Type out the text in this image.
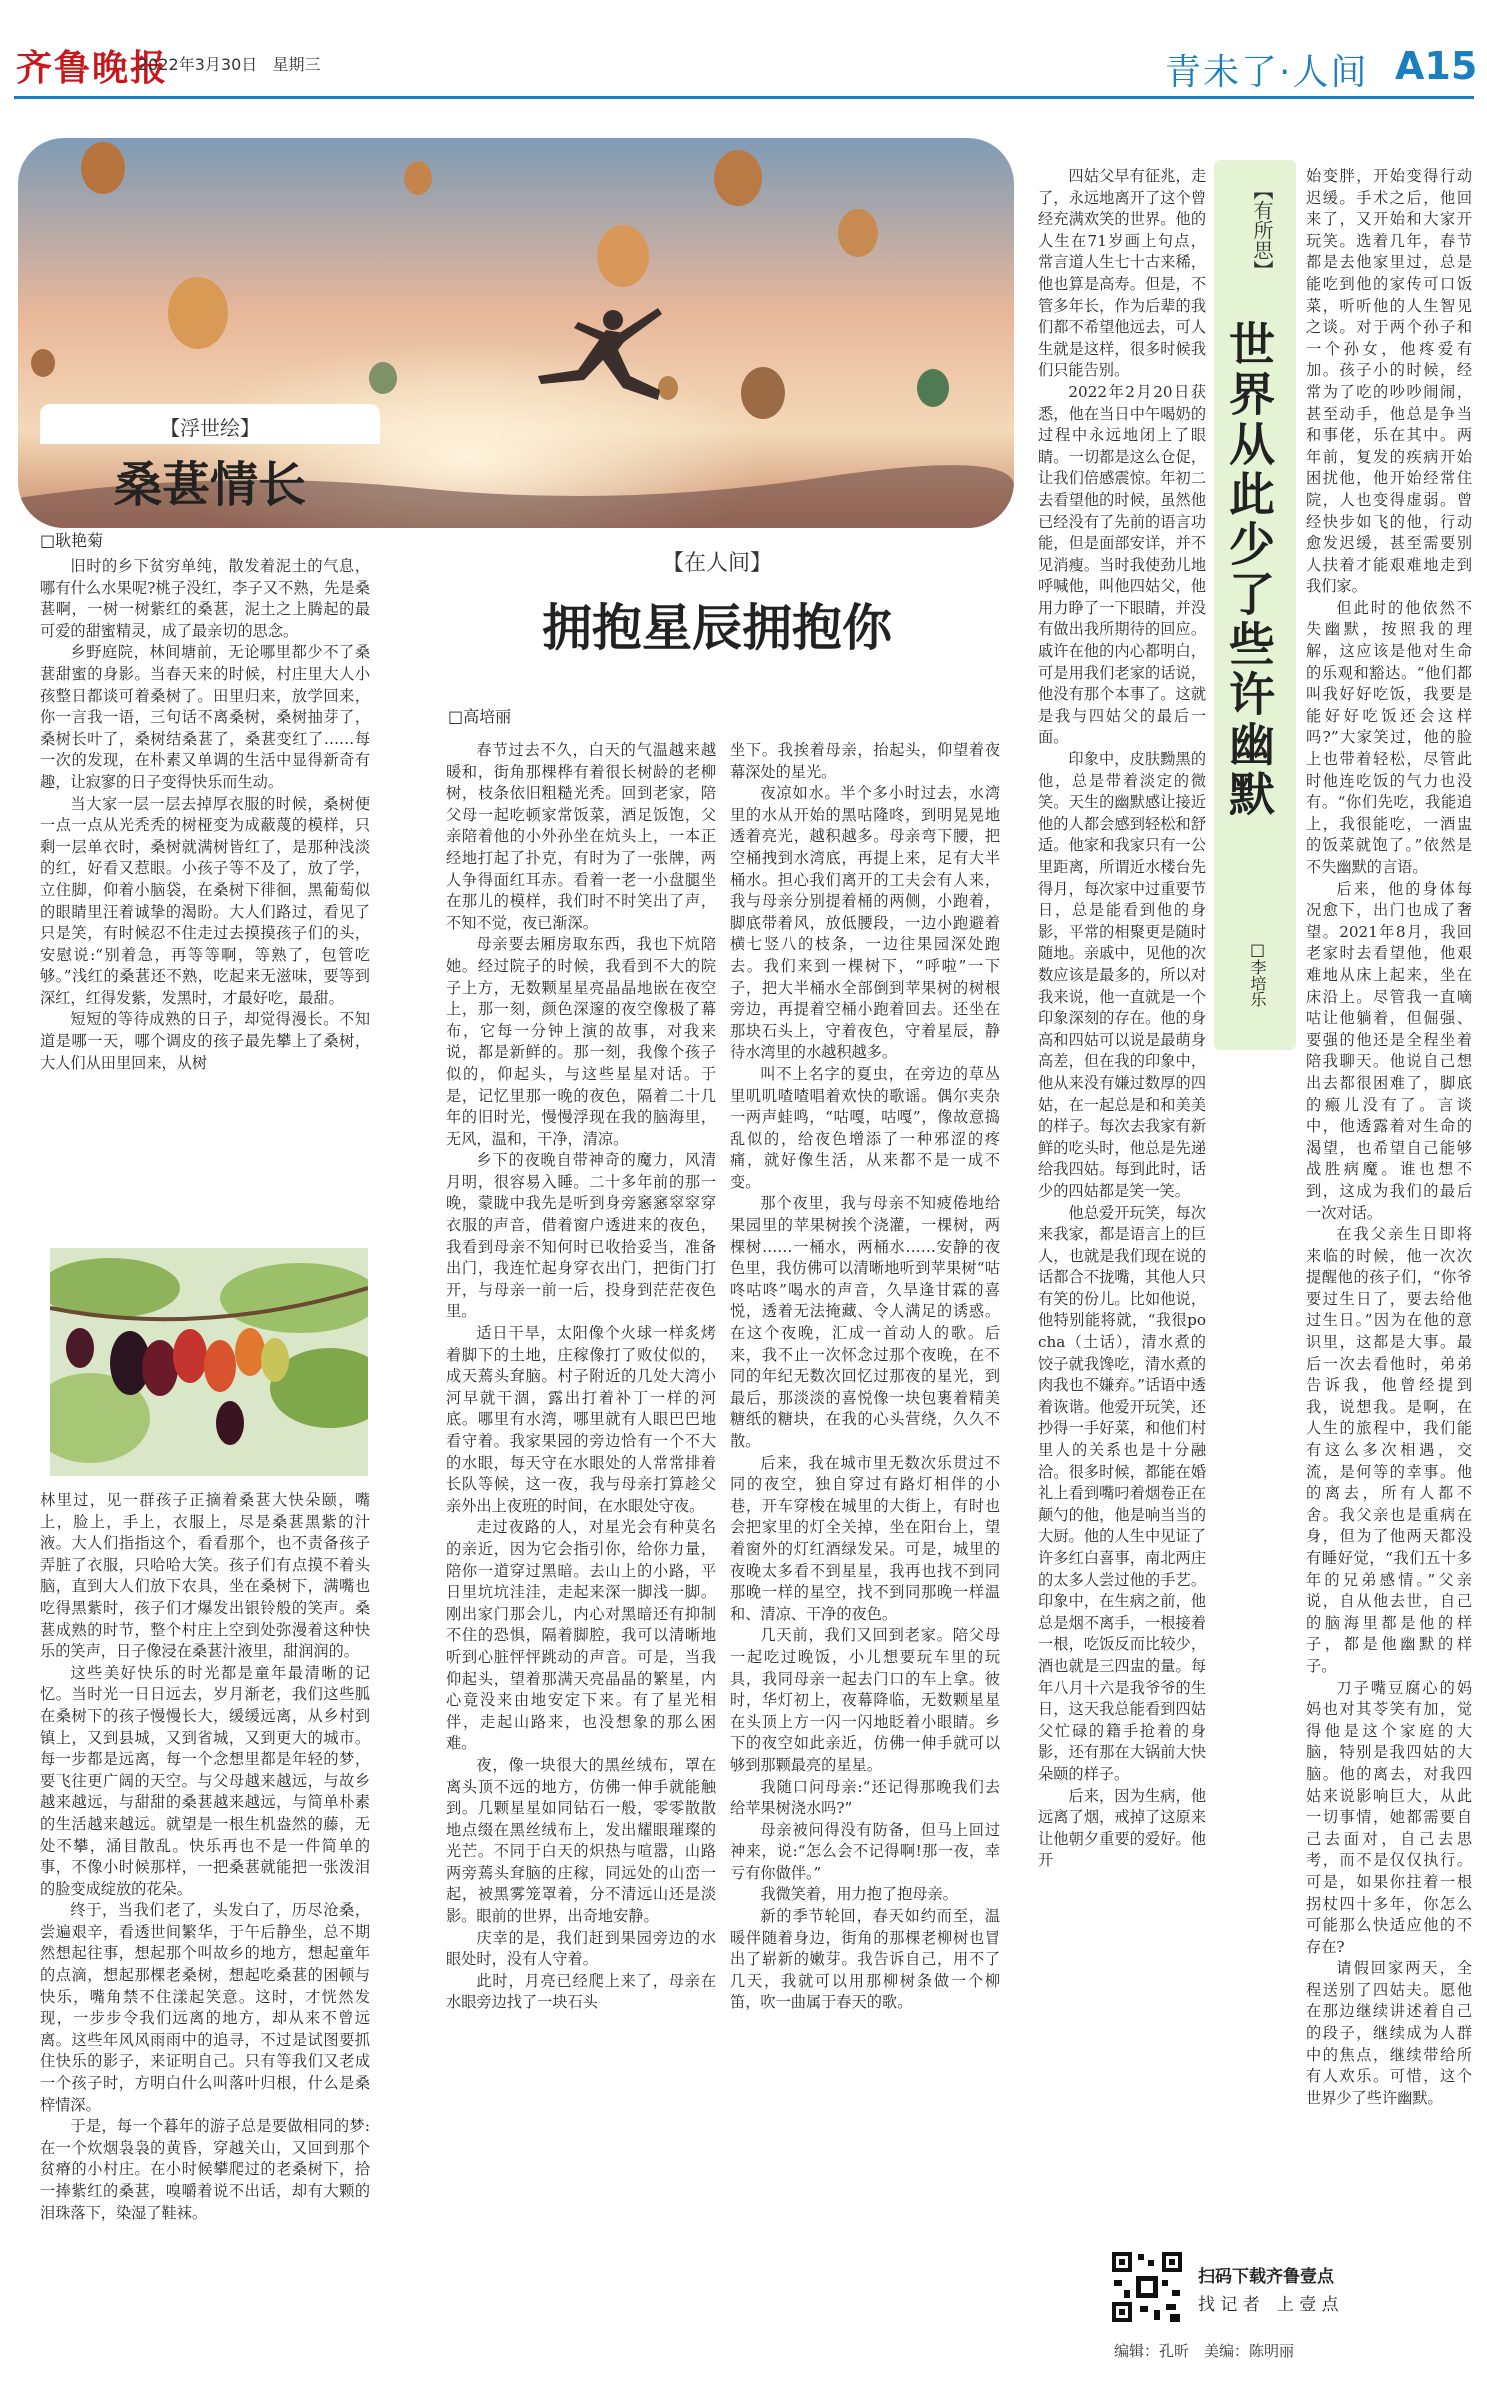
齐鲁晚报
2022年3月30日 星期三	青未了·人间 A15
【浮世绘】
桑葚情长
□耿艳菊

旧时的乡下贫穷单纯，散发着泥土的气息，哪有什么水果呢?桃子没红，李子又不熟，先是桑葚啊，一树一树紫红的桑葚，泥土之上腾起的最可爱的甜蜜精灵，成了最亲切的思念。

乡野庭院，林间塘前，无论哪里都少不了桑葚甜蜜的身影。当春天来的时候，村庄里大人小孩整日都谈可着桑树了。田里归来，放学回来，你一言我一语，三句话不离桑树，桑树抽芽了，桑树长叶了，桑树结桑葚了，桑葚变红了……每一次的发现，在朴素又单调的生活中显得新奇有趣，让寂寥的日子变得快乐而生动。

当大家一层一层去掉厚衣服的时候，桑树便一点一点从光秃秃的树桠变为成蔽蔑的模样，只剩一层单衣时，桑树就满树皆红了，是那种浅淡的红，好看又惹眼。小孩子等不及了，放了学，立住脚，仰着小脑袋，在桑树下徘徊，黑葡萄似的眼睛里汪着诚挚的渴盼。大人们路过，看见了只是笑，有时候忍不住走过去摸摸孩子们的头，安慰说:“别着急，再等等啊，等熟了，包管吃够。”浅红的桑葚还不熟，吃起来无滋味，要等到深红，红得发紫，发黑时，才最好吃，最甜。

短短的等待成熟的日子，却觉得漫长。不知道是哪一天，哪个调皮的孩子最先攀上了桑树，大人们从田里回来，从树

林里过，见一群孩子正摘着桑葚大快朵颐，嘴上，脸上，手上，衣服上，尽是桑葚黑紫的汁液。大人们指指这个，看看那个，也不责备孩子弄脏了衣服，只哈哈大笑。孩子们有点摸不着头脑，直到大人们放下农具，坐在桑树下，满嘴也吃得黑紫时，孩子们才爆发出银铃般的笑声。桑葚成熟的时节，整个村庄上空到处弥漫着这种快乐的笑声，日子像浸在桑葚汁液里，甜润润的。

这些美好快乐的时光都是童年最清晰的记忆。当时光一日日远去，岁月渐老，我们这些胍在桑树下的孩子慢慢长大，缓缓远离，从乡村到镇上，又到县城，又到省城，又到更大的城市。每一步都是远离，每一个念想里都是年轻的梦，要飞往更广阔的天空。与父母越来越远，与故乡越来越远，与甜甜的桑葚越来越远，与简单朴素的生活越来越远。就望是一根生机盎然的藤，无处不攀，涌目散乱。快乐再也不是一件简单的事，不像小时候那样，一把桑葚就能把一张泼泪的脸变成绽放的花朵。

终于，当我们老了，头发白了，历尽沧桑，尝遍艰辛，看透世间繁华，于午后静坐，总不期然想起往事，想起那个叫故乡的地方，想起童年的点滴，想起那棵老桑树，想起吃桑葚的困顿与快乐，嘴角禁不住漾起笑意。这时，才恍然发现，一步步令我们远离的地方，却从来不曾远离。这些年风风雨雨中的追寻，不过是试图要抓住快乐的影子，来证明自己。只有等我们又老成一个孩子时，方明白什么叫落叶归根，什么是桑梓情深。

于是，每一个暮年的游子总是要做相同的梦:在一个炊烟袅袅的黄昏，穿越关山，又回到那个贫瘠的小村庄。在小时候攀爬过的老桑树下，拾一捧紫红的桑葚，嗅嚼着说不出话，却有大颗的泪珠落下，染湿了鞋袜。

【在人间】
拥抱星辰拥抱你
□高培丽

春节过去不久，白天的气温越来越暖和，街角那棵桦有着很长树龄的老柳树，枝条依旧粗糙光秃。回到老家，陪父母一起吃顿家常饭菜，酒足饭饱，父亲陪着他的小外孙坐在炕头上，一本正经地打起了扑克，有时为了一张牌，两人争得面红耳赤。看着一老一小盘腿坐在那儿的模样，我们时不时笑出了声，不知不觉，夜已渐深。

母亲要去厢房取东西，我也下炕陪她。经过院子的时候，我看到不大的院子上方，无数颗星星亮晶晶地嵌在夜空上，那一刻，颜色深邃的夜空像极了幕布，它每一分钟上演的故事，对我来说，都是新鲜的。那一刻，我像个孩子似的，仰起头，与这些星星对话。于是，记忆里那一晚的夜色，隔着二十几年的旧时光，慢慢浮现在我的脑海里，无风，温和，干净，清凉。

乡下的夜晚自带神奇的魔力，风清月明，很容易入睡。二十多年前的那一晚，蒙眬中我先是听到身旁窸窸窣窣穿衣服的声音，借着窗户透进来的夜色，我看到母亲不知何时已收拾妥当，准备出门，我连忙起身穿衣出门，把街门打开，与母亲一前一后，投身到茫茫夜色里。

适日干旱，太阳像个火球一样炙烤着脚下的土地，庄稼像打了败仗似的，成天蔫头耷脑。村子附近的几处大湾小河早就干涸，露出打着补丁一样的河底。哪里有水湾，哪里就有人眼巴巴地看守着。我家果园的旁边恰有一个不大的水眼，每天守在水眼处的人常常排着长队等候，这一夜，我与母亲打算趁父亲外出上夜班的时间，在水眼处守夜。

走过夜路的人，对星光会有种莫名的亲近，因为它会指引你，给你力量，陪你一道穿过黑暗。去山上的小路，平日里坑坑洼洼，走起来深一脚浅一脚。刚出家门那会儿，内心对黑暗还有抑制不住的恐惧，隔着脚腔，我可以清晰地听到心脏怦怦跳动的声音。可是，当我仰起头，望着那满天亮晶晶的繁星，内心竟没来由地安定下来。有了星光相伴，走起山路来，也没想象的那么困难。

夜，像一块很大的黑丝绒布，罩在离头顶不远的地方，仿佛一伸手就能触到。几颗星星如同钻石一般，零零散散地点缀在黑丝绒布上，发出耀眼璀璨的光芒。不同于白天的炽热与喧嚣，山路两旁蔫头耷脑的庄稼，同远处的山峦一起，被黑雾笼罩着，分不清远山还是淡影。眼前的世界，出奇地安静。

庆幸的是，我们赶到果园旁边的水眼处时，没有人守着。

此时，月亮已经爬上来了，母亲在水眼旁边找了一块石头

坐下。我挨着母亲，抬起头，仰望着夜幕深处的星光。

夜凉如水。半个多小时过去，水湾里的水从开始的黑咕隆咚，到明晃晃地透着亮光，越积越多。母亲弯下腰，把空桶拽到水湾底，再提上来，足有大半桶水。担心我们离开的工夫会有人来，我与母亲分别提着桶的两侧，小跑着，脚底带着风，放低腰段，一边小跑避着横七竖八的枝条，一边往果园深处跑去。我们来到一棵树下，“呼啦”一下子，把大半桶水全部倒到苹果树的树根旁边，再提着空桶小跑着回去。还坐在那块石头上，守着夜色，守着星辰，静待水湾里的水越积越多。

叫不上名字的夏虫，在旁边的草丛里叽叽喳喳唱着欢快的歌谣。偶尔夹杂一两声蛙鸣，“咕嘎，咕嘎”，像故意捣乱似的，给夜色增添了一种邪涩的疼痛，就好像生活，从来都不是一成不变。

那个夜里，我与母亲不知疲倦地给果园里的苹果树挨个浇灌，一棵树，两棵树……一桶水，两桶水……安静的夜色里，我仿佛可以清晰地听到苹果树“咕咚咕咚”喝水的声音，久旱逢甘霖的喜悦，透着无法掩藏、令人满足的诱惑。在这个夜晚，汇成一首动人的歌。后来，我不止一次怀念过那个夜晚，在不同的年纪无数次回忆过那夜的星光，到最后，那淡淡的喜悦像一块包裹着精美糖纸的糖块，在我的心头营绕，久久不散。

后来，我在城市里无数次乐贯过不同的夜空，独自穿过有路灯相伴的小巷，开车穿梭在城里的大街上，有时也会把家里的灯全关掉，坐在阳台上，望着窗外的灯红酒绿发呆。可是，城里的夜晚太多看不到星星，我再也找不到同那晚一样的星空，找不到同那晚一样温和、清凉、干净的夜色。

几天前，我们又回到老家。陪父母一起吃过晚饭，小儿想要玩车里的玩具，我同母亲一起去门口的车上拿。彼时，华灯初上，夜幕降临，无数颗星星在头顶上方一闪一闪地眨着小眼睛。乡下的夜空如此亲近，仿佛一伸手就可以够到那颗最亮的星星。

我随口问母亲:“还记得那晚我们去给苹果树浇水吗?”

母亲被问得没有防备，但马上回过神来，说:“怎么会不记得啊!那一夜，幸亏有你做伴。”

我微笑着，用力抱了抱母亲。

新的季节轮回，春天如约而至，温暖伴随着身边，街角的那棵老柳树也冒出了崭新的嫩芽。我告诉自己，用不了几天，我就可以用那柳树条做一个柳笛，吹一曲属于春天的歌。

四姑父早有征兆，走了，永远地离开了这个曾经充满欢笑的世界。他的人生在71岁画上句点，常言道人生七十古来稀，他也算是高寿。但是，不管多年长，作为后辈的我们都不希望他远去，可人生就是这样，很多时候我们只能告别。

2022年2月20日获悉，他在当日中午喝奶的过程中永远地闭上了眼睛。一切都是这么仓促，让我们倍感震惊。年初二去看望他的时候，虽然他已经没有了先前的语言功能，但是面部安详，并不见消瘦。当时我使劲儿地呼喊他，叫他四姑父，他用力睁了一下眼睛，并没有做出我所期待的回应。戚许在他的内心都明白，可是用我们老家的话说，他没有那个本事了。这就是我与四姑父的最后一面。

印象中，皮肤黝黑的他，总是带着淡定的微笑。天生的幽默感让接近他的人都会感到轻松和舒适。他家和我家只有一公里距离，所谓近水楼台先得月，每次家中过重要节日，总是能看到他的身影，平常的相聚更是随时随地。亲戚中，见他的次数应该是最多的，所以对我来说，他一直就是一个印象深刻的存在。他的身高和四姑可以说是最萌身高差，但在我的印象中，他从来没有嫌过数厚的四姑，在一起总是和和美美的样子。每次去我家有新鲜的吃头时，他总是先递给我四姑。每到此时，话少的四姑都是笑一笑。

他总爱开玩笑，每次来我家，都是语言上的巨人，也就是我们现在说的话都合不拢嘴，其他人只有笑的份儿。比如他说，他特别能将就，“我很pocha（土话），清水煮的饺子就我馋吃，清水煮的肉我也不嫌弃。”话语中透着诙谐。他爱开玩笑，还抄得一手好菜，和他们村里人的关系也是十分融洽。很多时候，都能在婚礼上看到嘴叼着烟卷正在颠勺的他，他是响当当的大厨。他的人生中见证了许多红白喜事，南北两庄的太多人尝过他的手艺。印象中，在生病之前，他总是烟不离手，一根接着一根，吃饭反而比较少，酒也就是三四盅的量。每年八月十六是我爷爷的生日，这天我总能看到四姑父忙碌的籍手抢着的身影，还有那在大锅前大快朵颐的样子。

后来，因为生病，他远离了烟，戒掉了这原来让他朝夕重要的爱好。他开

【有所思】
世界从此少了些许幽默
□李培乐

始变胖，开始变得行动迟缓。手术之后，他回来了，又开始和大家开玩笑。选着几年，春节都是去他家里过，总是能吃到他的家传可口饭菜，听听他的人生智见之谈。对于两个孙子和一个孙女，他疼爱有加。孩子小的时候，经常为了吃的吵吵闹闹，甚至动手，他总是争当和事佬，乐在其中。两年前，复发的疾病开始困扰他，他开始经常住院，人也变得虚弱。曾经快步如飞的他，行动愈发迟缓，甚至需要别人扶着才能艰难地走到我们家。

但此时的他依然不失幽默，按照我的理解，这应该是他对生命的乐观和豁达。“他们都叫我好好吃饭，我要是能好好吃饭还会这样吗?”大家笑过，他的脸上也带着轻松，尽管此时他连吃饭的气力也没有。“你们先吃，我能追上，我很能吃，一酒盅的饭菜就饱了。”依然是不失幽默的言语。

后来，他的身体每况愈下，出门也成了奢望。2021年8月，我回老家时去看望他，他艰难地从床上起来，坐在床沿上。尽管我一直嘀咕让他躺着，但倔强、要强的他还是全程坐着陪我聊天。他说自己想出去都很困难了，脚底的瘢儿没有了。言谈中，他透露着对生命的渴望，也希望自己能够战胜病魔。谁也想不到，这成为我们的最后一次对话。

在我父亲生日即将来临的时候，他一次次提醒他的孩子们，“你爷要过生日了，要去给他过生日。”因为在他的意识里，这都是大事。最后一次去看他时，弟弟告诉我，他曾经提到我，说想我。是啊，在人生的旅程中，我们能有这么多次相遇，交流，是何等的幸事。他的离去，所有人都不舍。我父亲也是重病在身，但为了他两天都没有睡好觉，“我们五十多年的兄弟感情。”父亲说，自从他去世，自己的脑海里都是他的样子，都是他幽默的样子。

刀子嘴豆腐心的妈妈也对其苓笑有加，觉得他是这个家庭的大脑，特别是我四姑的大脑。他的离去，对我四姑来说影响巨大，从此一切事情，她都需要自己去面对，自己去思考，而不是仅仅执行。可是，如果你拄着一根拐杖四十多年，你怎么可能那么快适应他的不存在?

请假回家两天，全程送别了四姑夫。愿他在那边继续讲述着自己的段子，继续成为人群中的焦点，继续带给所有人欢乐。可惜，这个世界少了些许幽默。

扫码下载齐鲁壹点
找 记 者　上 壹 点
编辑：孔昕　美编：陈明丽
